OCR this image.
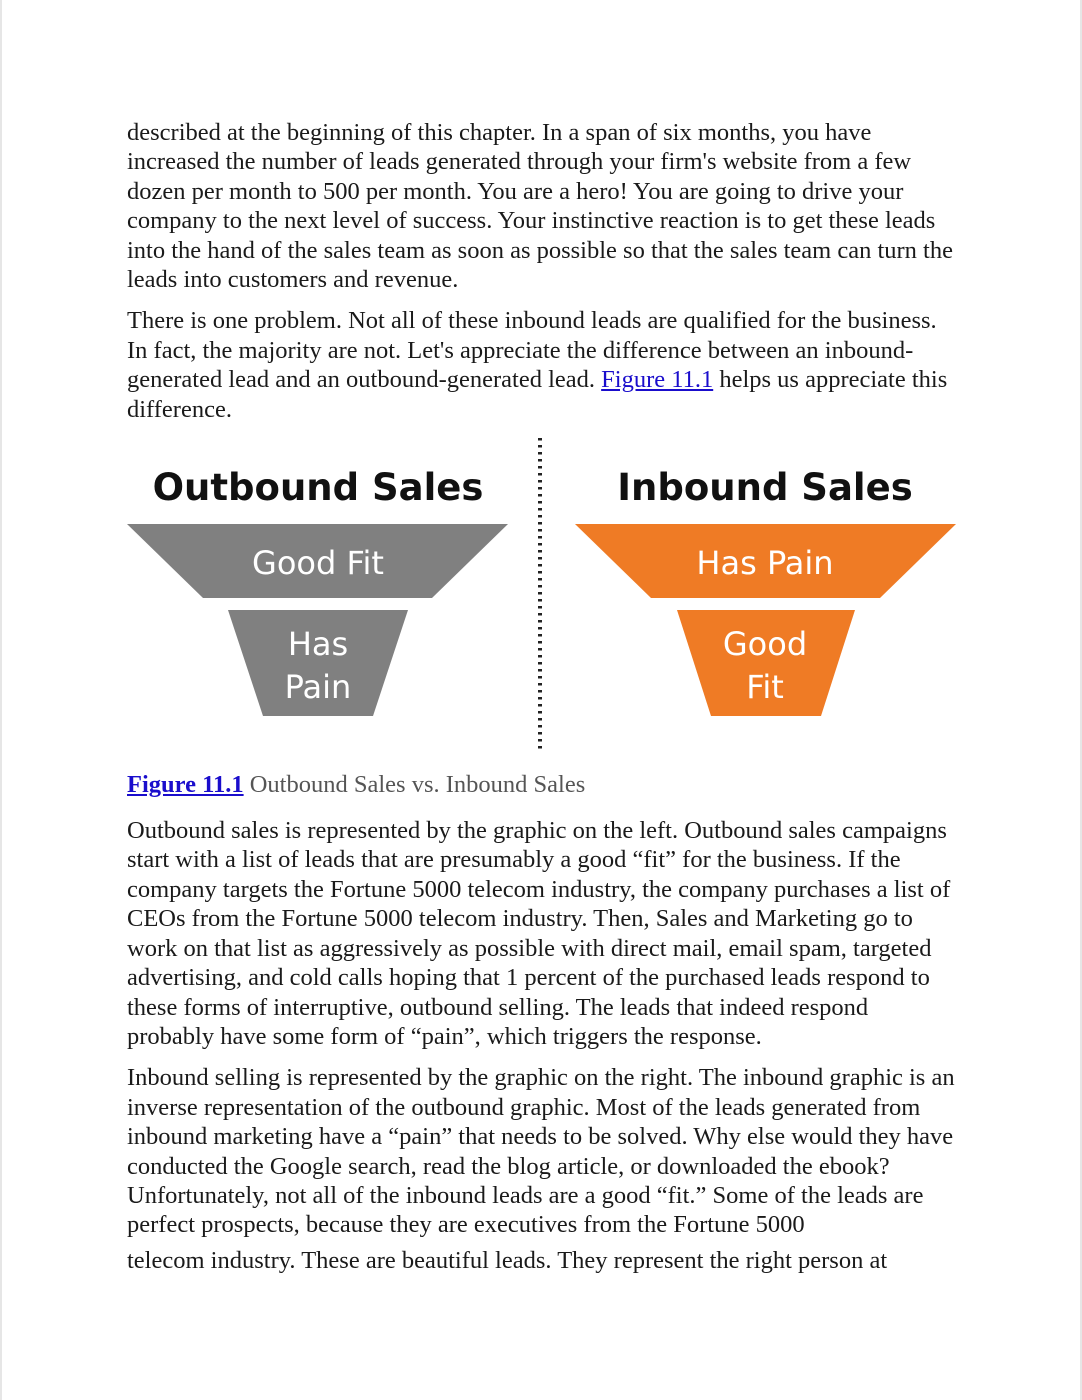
described at the beginning of this chapter. In a span of six months, you have increased the number of leads generated through your firm's website from a few dozen per month to 500 per month. You are a hero! You are going to drive your company to the next level of success. Your instinctive reaction is to get these leads into the hand of the sales team as soon as possible so that the sales team can turn the leads into customers and revenue.

There is one problem. Not all of these inbound leads are qualified for the business. In fact, the majority are not. Let's appreciate the difference between an inbound-generated lead and an outbound-generated lead. Figure 11.1 helps us appreciate this difference.

Outbound Sales
Good Fit
Has
Pain
Inbound Sales
Has Pain
Good
Fit
Figure 11.1 Outbound Sales vs. Inbound Sales

Outbound sales is represented by the graphic on the left. Outbound sales campaigns start with a list of leads that are presumably a good “fit” for the business. If the company targets the Fortune 5000 telecom industry, the company purchases a list of CEOs from the Fortune 5000 telecom industry. Then, Sales and Marketing go to work on that list as aggressively as possible with direct mail, email spam, targeted advertising, and cold calls hoping that 1 percent of the purchased leads respond to these forms of interruptive, outbound selling. The leads that indeed respond probably have some form of “pain”, which triggers the response.

Inbound selling is represented by the graphic on the right. The inbound graphic is an inverse representation of the outbound graphic. Most of the leads generated from inbound marketing have a “pain” that needs to be solved. Why else would they have conducted the Google search, read the blog article, or downloaded the ebook? Unfortunately, not all of the inbound leads are a good “fit.” Some of the leads are perfect prospects, because they are executives from the Fortune 5000

telecom industry. These are beautiful leads. They represent the right person at
